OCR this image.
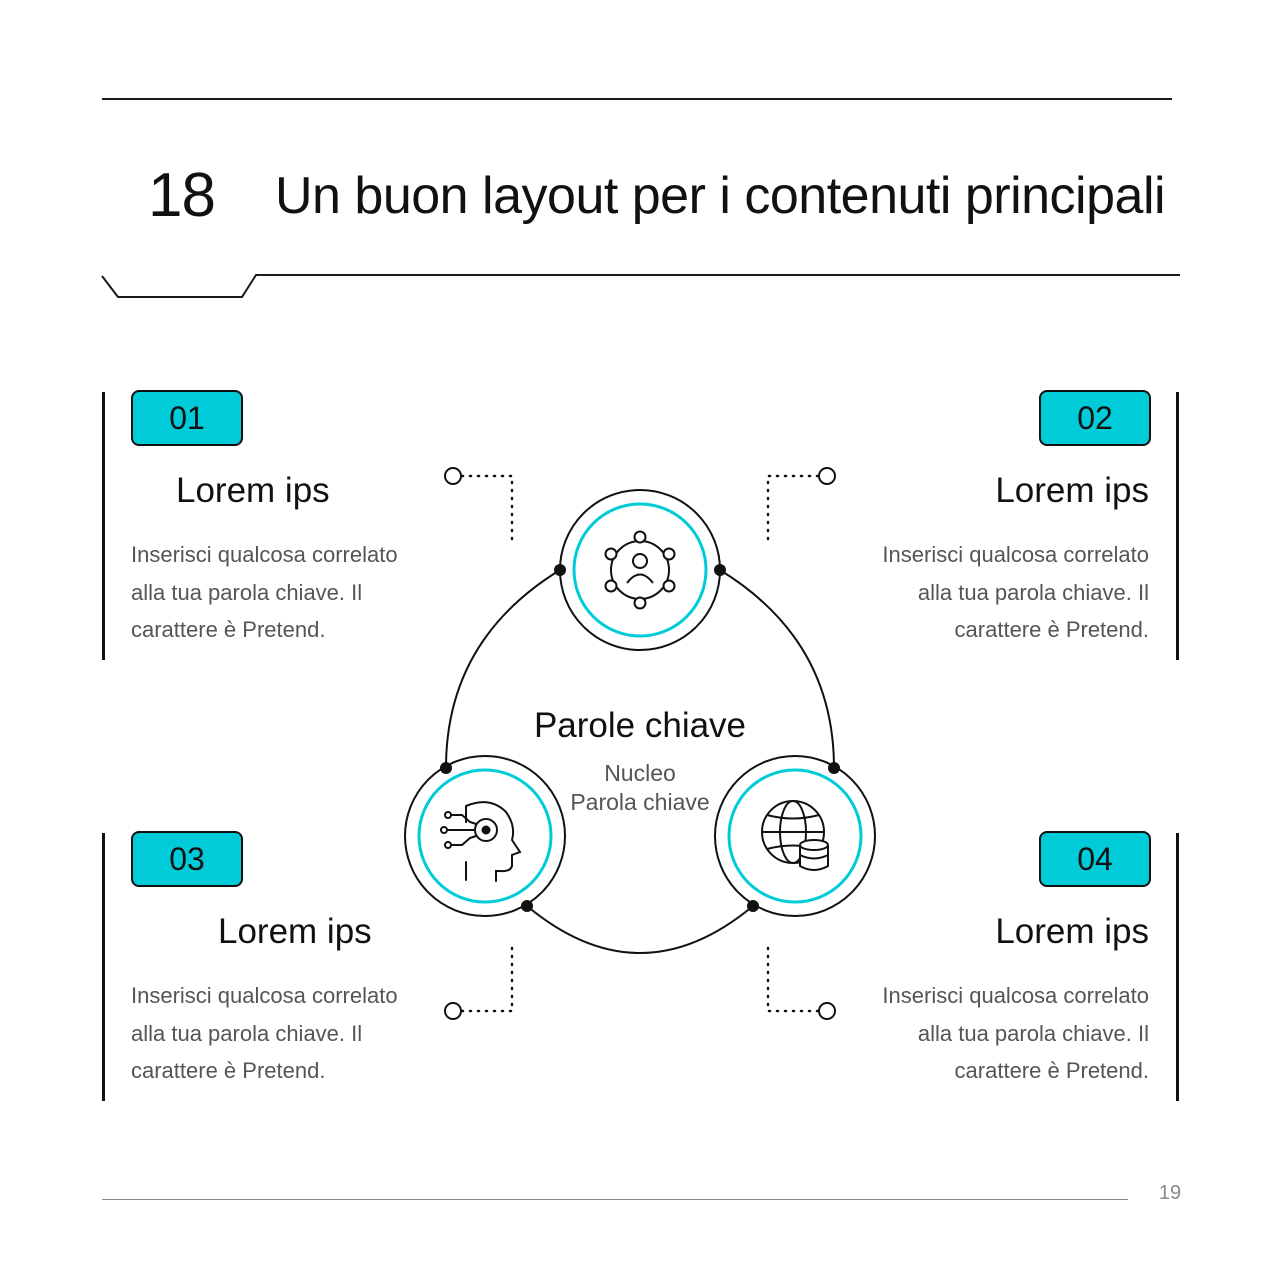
18 Un buon layout per i contenuti principali
Parole chiave
Nucleo
Parola chiave
01
Lorem ips
Inserisci qualcosa correlato alla tua parola chiave. Il carattere è Pretend.
02
Lorem ips
Inserisci qualcosa correlato alla tua parola chiave. Il carattere è Pretend.
03
Lorem ips
Inserisci qualcosa correlato alla tua parola chiave. Il carattere è Pretend.
04
Lorem ips
Inserisci qualcosa correlato alla tua parola chiave. Il carattere è Pretend.
19
